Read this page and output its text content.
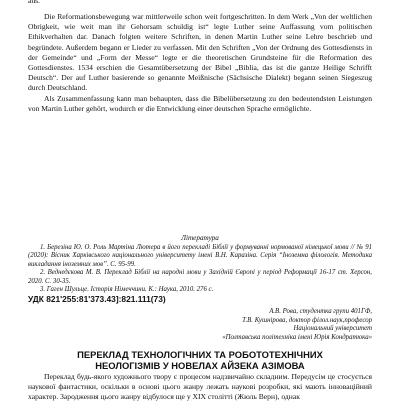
aus.

Die Reformationsbewegung war mittlerweile schon weit fortgeschritten. In dem Werk „Von der weltlichen Obrigkeit, wie weit man ihr Gehorsam schuldig ist“ legte Luther seine Auffassung vom politischen Ethikverhalten dar. Danach folgten weitere Schriften, in denen Martin Luther seine Lehre beschrieb und begründete. Außerdem begann er Lieder zu verfassen. Mit den Schriften „Von der Ordnung des Gottesdiensts in der Gemeinde“ und „Form der Messe“ legte er die theoretischen Grundsteine für die Reformation des Gottesdienstes. 1534 erschien die Gesamtübersetzung der Bibel „Biblia, das ist die gantze Heilige Schrifft Deutsch“. Der auf Luther basierende so genannte Meißnische (Sächsische Dialekt) begann seinen Siegeszug durch Deutschland.

Als Zusammenfassung kann man behaupten, dass die Bibelübersetzung zu den bedeutendsten Leistungen von Martin Luther gehört, wodurch er die Entwicklung einer deutschen Sprache ermöglichte.

Література

1. Березіна Ю. О. Роль Мартіна Лютера в його перекладі Біблії у формуванні нормованої німецької мови // № 91 (2020): Вісник Харківського національного університету імені В.Н. Каразіна. Серія “Іноземна філологія. Методика викладання іноземних мов”. С. 95-99.

2. Веднедєкова М. В. Переклад Біблії на народні мови у Західній Європі у період Реформації 16-17 ст. Херсон, 2020. С. 30-35.

3. Гаген Шульце. Історія Німеччини. К.: Наука, 2010. 276 с.

УДК 821'255:81'373.43]:821.111(73)
А.В. Рова, студентка групи 401ГФ,
Т.В. Кушнірова, доктор філол.наук,професор
Національний університет
«Полтавська політехніка імені Юрія Кондратюка»
ПЕРЕКЛАД ТЕХНОЛОГІЧНИХ ТА РОБОТОТЕХНІЧНИХ
НЕОЛОГІЗМІВ У НОВЕЛАХ АЙЗЕКА АЗІМОВА

Переклад будь-якого художнього твору є процесом надзвичайно складним. Передусім це стосується наукової фантастики, оскільки в основі цього жанру лежать наукові розробки, які мають інноваційний характер. Зародження цього жанру відбулося ще у ХІХ столітті (Жюль Верн), однак
